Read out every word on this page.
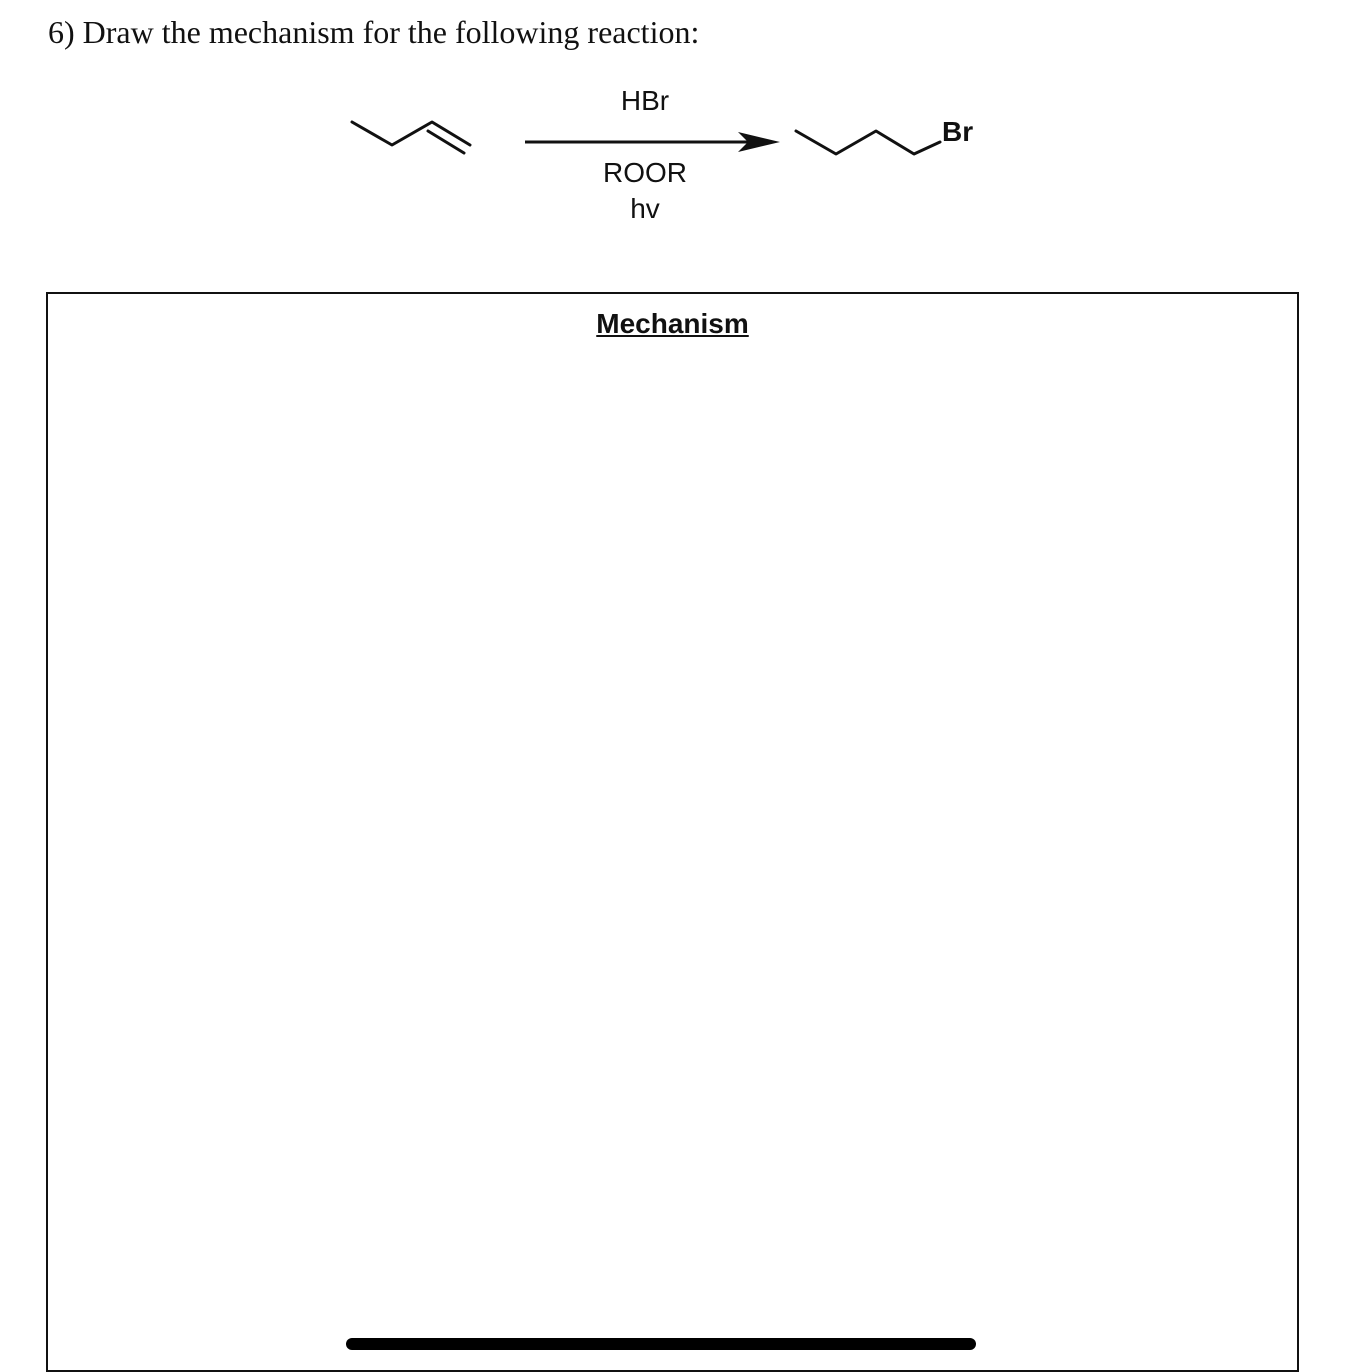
6) Draw the mechanism for the following reaction:
HBr
ROOR
hv
Br
Mechanism
